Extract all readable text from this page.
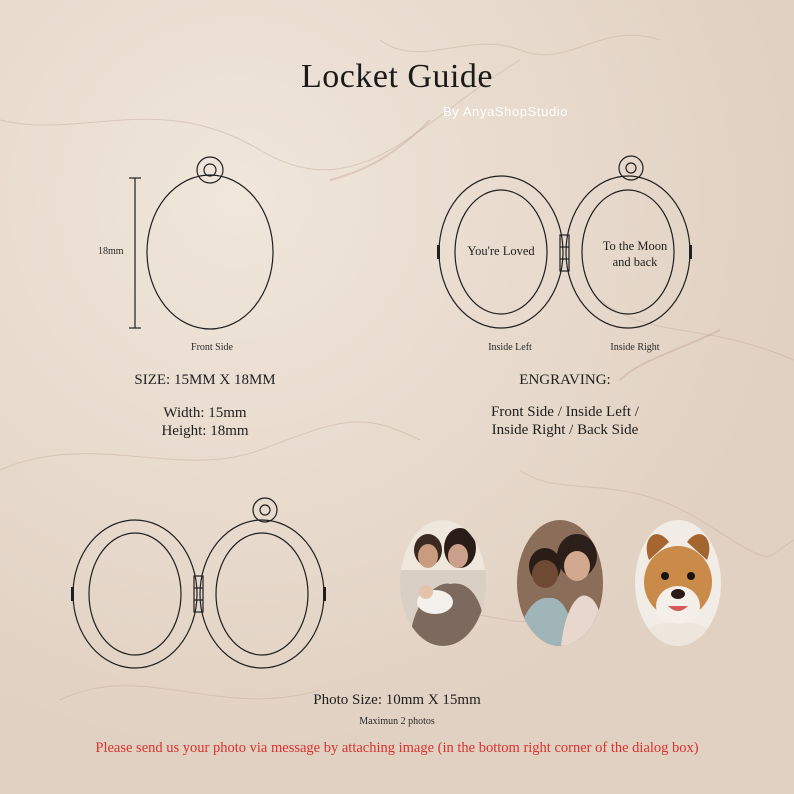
Locket Guide
By AnyaShopStudio
18mm
Front Side
SIZE: 15MM X 18MM
Width: 15mm
Height: 18mm
You're Loved	To the Moon
and back
Inside Left	Inside Right
ENGRAVING:
Front Side / Inside Left /
Inside Right / Back Side
Photo Size: 10mm X 15mm
Maximun 2 photos
Please send us your photo via message by attaching image (in the bottom right corner of the dialog box)
